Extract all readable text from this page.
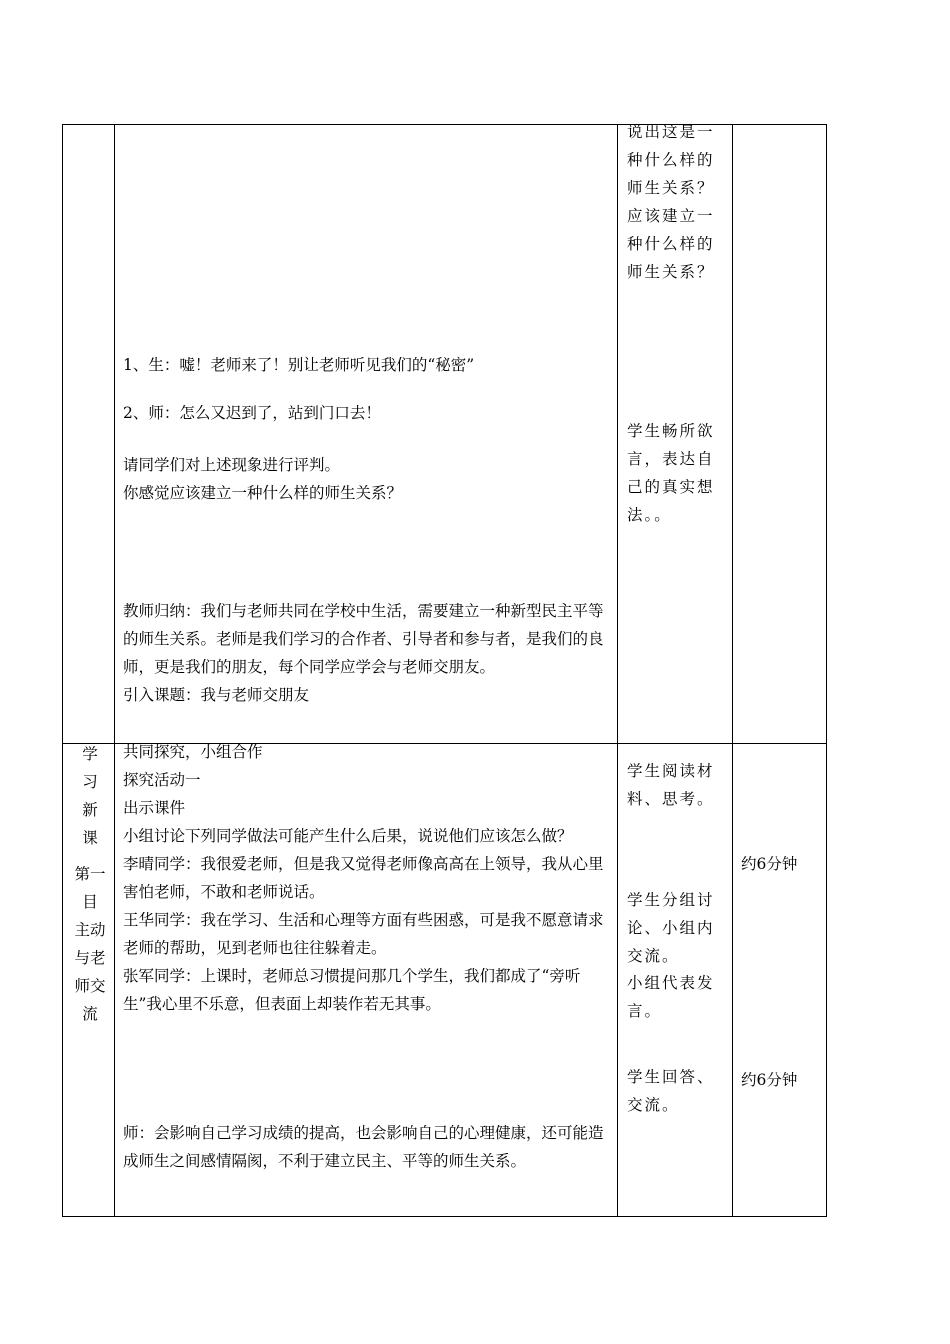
说出这是一
种什么样的
师生关系？
应该建立一
种什么样的
师生关系？
1、生：嘘！老师来了！别让老师听见我们的“秘密”
2、师：怎么又迟到了，站到门口去！
请同学们对上述现象进行评判。
你感觉应该建立一种什么样的师生关系？
学生畅所欲
言，表达自
己的真实想
法。。
教师归纳：我们与老师共同在学校中生活，需要建立一种新型民主平等的师生关系。老师是我们学习的合作者、引导者和参与者，是我们的良师，更是我们的朋友，每个同学应学会与老师交朋友。
引入课题：我与老师交朋友
学
习
新
课
第一
目
主动
与老
师交
流
共同探究，小组合作
探究活动一
出示课件
小组讨论下列同学做法可能产生什么后果，说说他们应该怎么做？
李晴同学：我很爱老师，但是我又觉得老师像高高在上领导，我从心里害怕老师，不敢和老师说话。
王华同学：我在学习、生活和心理等方面有些困惑，可是我不愿意请求老师的帮助，见到老师也往往躲着走。
张军同学：上课时，老师总习惯提问那几个学生，我们都成了“旁听生”我心里不乐意，但表面上却装作若无其事。
师：会影响自己学习成绩的提高，也会影响自己的心理健康，还可能造成师生之间感情隔阂，不利于建立民主、平等的师生关系。
学生阅读材
料、思考。
学生分组讨
论、小组内
交流。
小组代表发
言。
学生回答、
交流。
约6分钟
约6分钟
